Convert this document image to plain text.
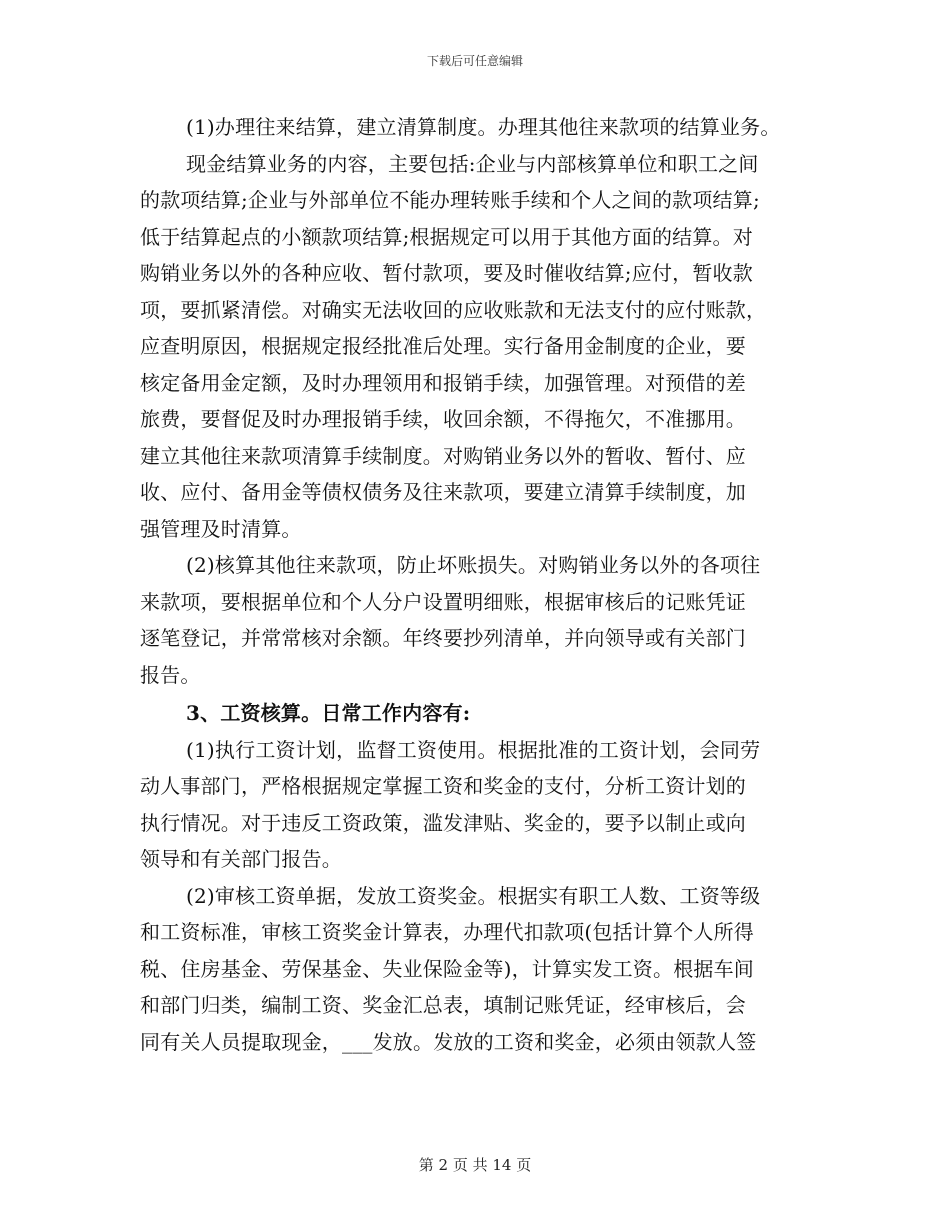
下载后可任意编辑
(1)办理往来结算，建立清算制度。办理其他往来款项的结算业务。
现金结算业务的内容，主要包括:企业与内部核算单位和职工之间
的款项结算;企业与外部单位不能办理转账手续和个人之间的款项结算;
低于结算起点的小额款项结算;根据规定可以用于其他方面的结算。对
购销业务以外的各种应收、暂付款项，要及时催收结算;应付，暂收款
项，要抓紧清偿。对确实无法收回的应收账款和无法支付的应付账款，
应查明原因，根据规定报经批准后处理。实行备用金制度的企业，要
核定备用金定额，及时办理领用和报销手续，加强管理。对预借的差
旅费，要督促及时办理报销手续，收回余额，不得拖欠，不准挪用。
建立其他往来款项清算手续制度。对购销业务以外的暂收、暂付、应
收、应付、备用金等债权债务及往来款项，要建立清算手续制度，加
强管理及时清算。
(2)核算其他往来款项，防止坏账损失。对购销业务以外的各项往
来款项，要根据单位和个人分户设置明细账，根据审核后的记账凭证
逐笔登记，并常常核对余额。年终要抄列清单，并向领导或有关部门
报告。
3、工资核算。日常工作内容有:
(1)执行工资计划，监督工资使用。根据批准的工资计划，会同劳
动人事部门，严格根据规定掌握工资和奖金的支付，分析工资计划的
执行情况。对于违反工资政策，滥发津贴、奖金的，要予以制止或向
领导和有关部门报告。
(2)审核工资单据，发放工资奖金。根据实有职工人数、工资等级
和工资标准，审核工资奖金计算表，办理代扣款项(包括计算个人所得
税、住房基金、劳保基金、失业保险金等)，计算实发工资。根据车间
和部门归类，编制工资、奖金汇总表，填制记账凭证，经审核后，会
同有关人员提取现金，___发放。发放的工资和奖金，必须由领款人签
第 2 页 共 14 页
